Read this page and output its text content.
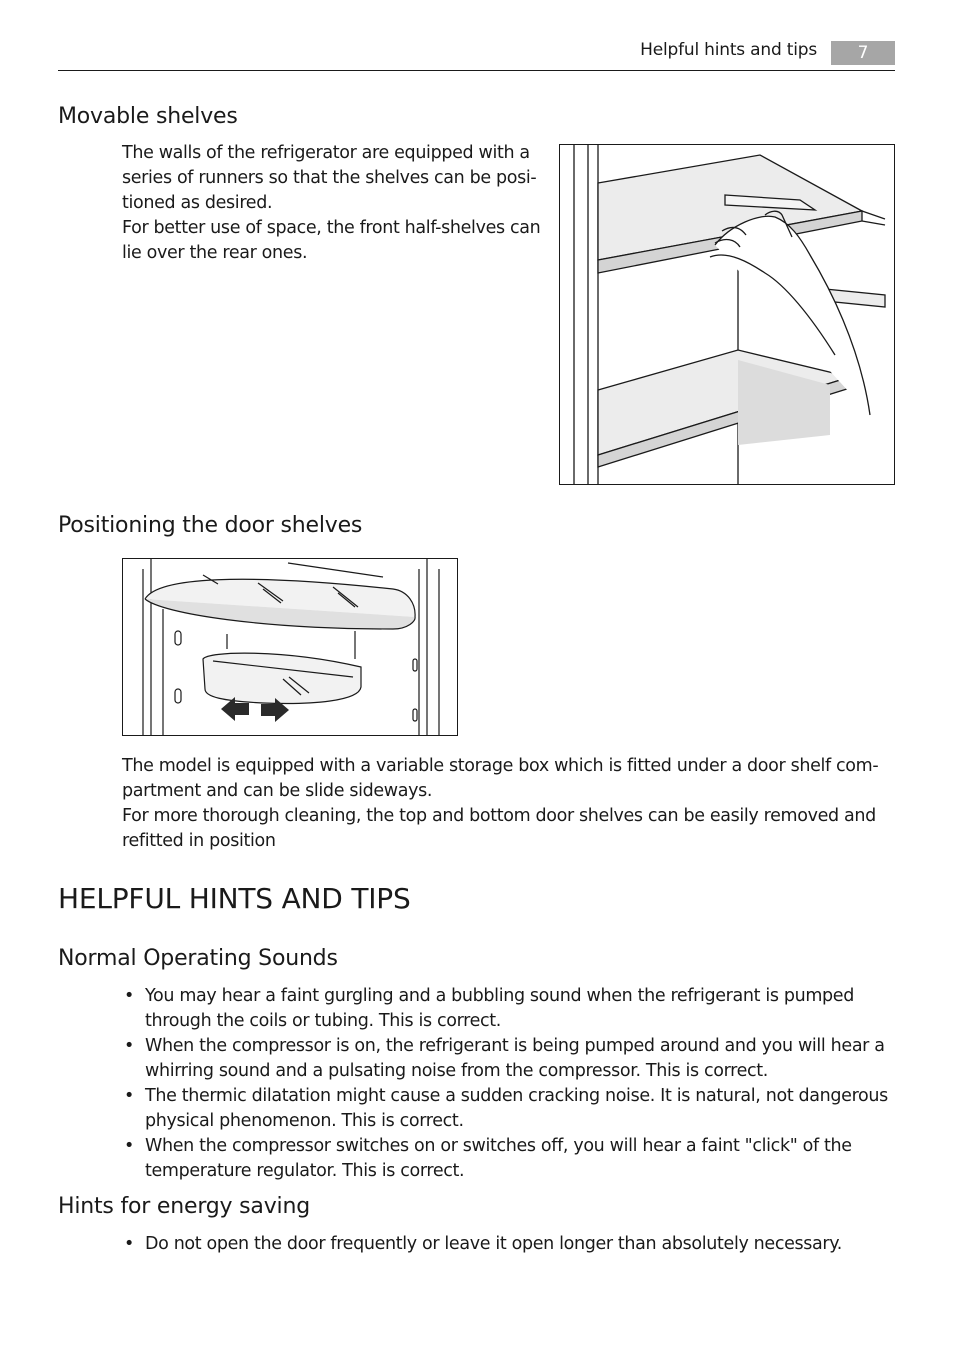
Helpful hints and tips	7
Movable shelves

The walls of the refrigerator are equipped with a
series of runners so that the shelves can be posi-
tioned as desired.
For better use of space, the front half-shelves can
lie over the rear ones.

Positioning the door shelves

The model is equipped with a variable storage box which is fitted under a door shelf com-
partment and can be slide sideways.
For more thorough cleaning, the top and bottom door shelves can be easily removed and
refitted in position

HELPFUL HINTS AND TIPS
Normal Operating Sounds
• You may hear a faint gurgling and a bubbling sound when the refrigerant is pumped
through the coils or tubing. This is correct.
• When the compressor is on, the refrigerant is being pumped around and you will hear a
whirring sound and a pulsating noise from the compressor. This is correct.
• The thermic dilatation might cause a sudden cracking noise. It is natural, not dangerous
physical phenomenon. This is correct.
• When the compressor switches on or switches off, you will hear a faint "click" of the
temperature regulator. This is correct.
Hints for energy saving
• Do not open the door frequently or leave it open longer than absolutely necessary.
